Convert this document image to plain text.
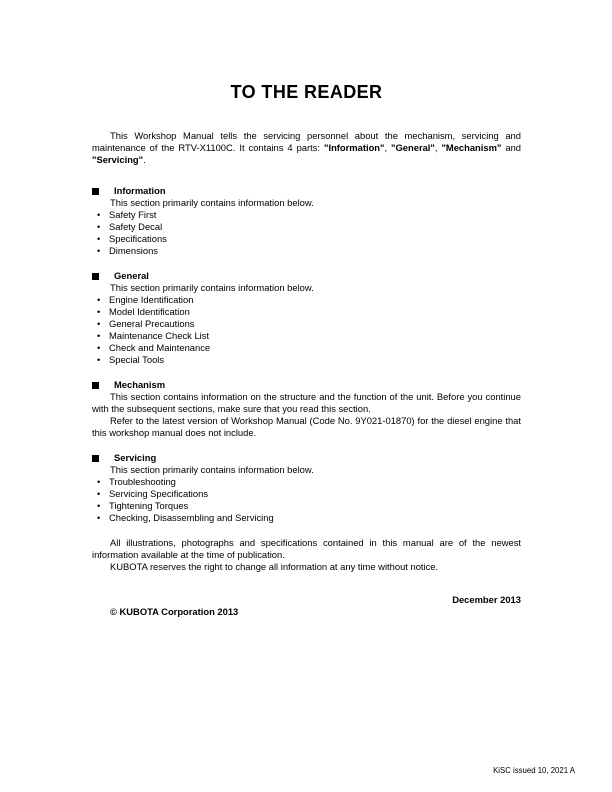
TO THE READER

This Workshop Manual tells the servicing personnel about the mechanism, servicing and maintenance of the RTV-X1100C. It contains 4 parts: "Information", "General", "Mechanism" and "Servicing".

Information

This section primarily contains information below.

• Safety First
• Safety Decal
• Specifications
• Dimensions
General

This section primarily contains information below.

• Engine Identification
• Model Identification
• General Precautions
• Maintenance Check List
• Check and Maintenance
• Special Tools
Mechanism

This section contains information on the structure and the function of the unit. Before you continue with the subsequent sections, make sure that you read this section.

Refer to the latest version of Workshop Manual (Code No. 9Y021-01870) for the diesel engine that this workshop manual does not include.

Servicing

This section primarily contains information below.

• Troubleshooting
• Servicing Specifications
• Tightening Torques
• Checking, Disassembling and Servicing

All illustrations, photographs and specifications contained in this manual are of the newest information available at the time of publication.

KUBOTA reserves the right to change all information at any time without notice.

December 2013
© KUBOTA Corporation 2013
KiSC issued 10, 2021 A
